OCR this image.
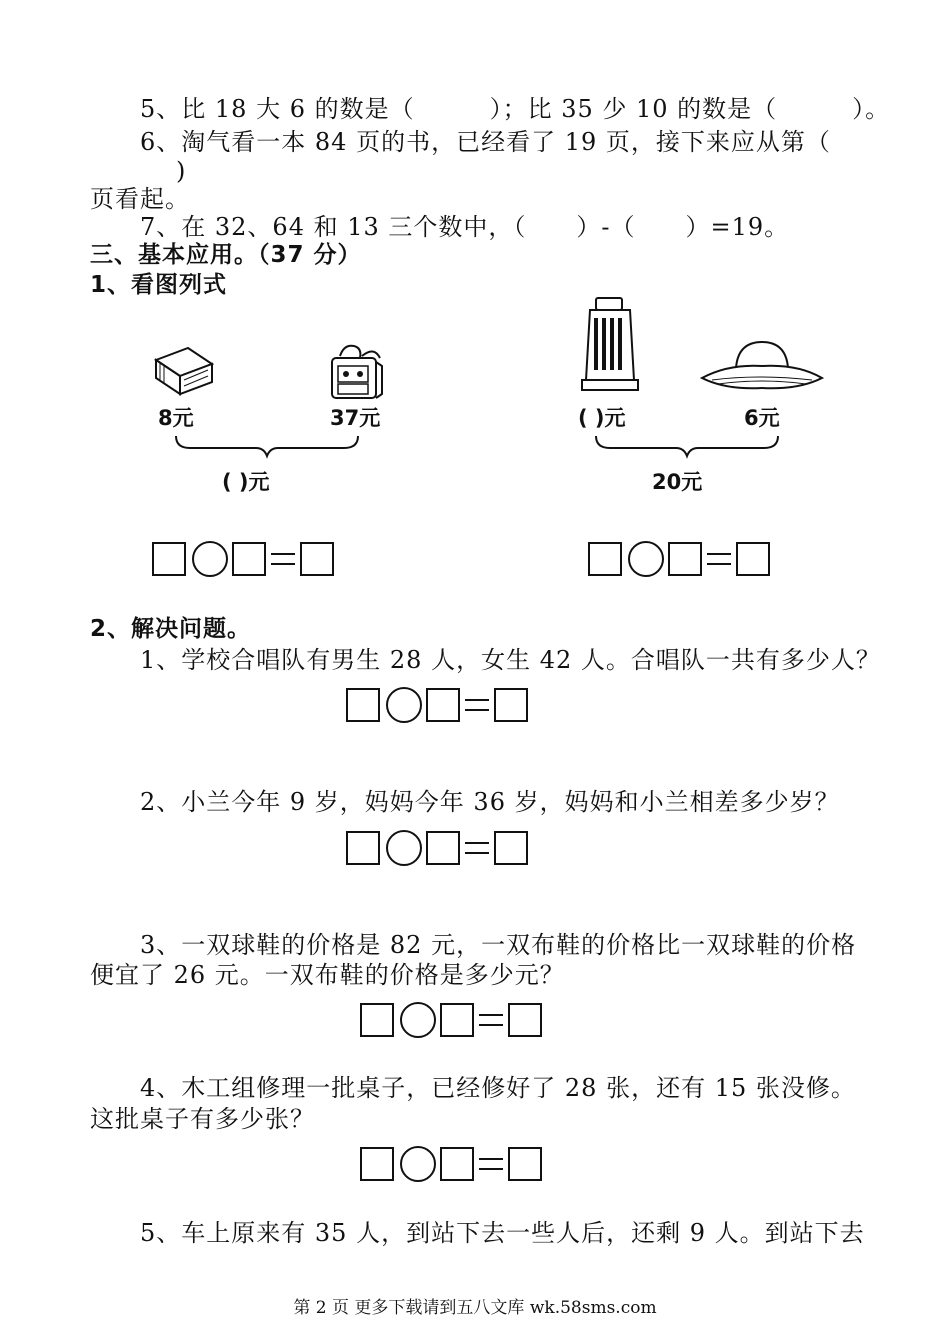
5、比 18 大 6 的数是（　　　）；比 35 少 10 的数是（　　　）。
6、淘气看一本 84 页的书，已经看了 19 页，接下来应从第（
)
页看起。
7、在 32、64 和 13 三个数中，（　　）-（　　）=19。
三、基本应用。（37 分）
1、看图列式
8元	37元
( )元
( )元	6元
20元
2、解决问题。
1、学校合唱队有男生 28 人，女生 42 人。合唱队一共有多少人？
2、小兰今年 9 岁，妈妈今年 36 岁，妈妈和小兰相差多少岁？
3、一双球鞋的价格是 82 元，一双布鞋的价格比一双球鞋的价格
便宜了 26 元。一双布鞋的价格是多少元？
4、木工组修理一批桌子，已经修好了 28 张，还有 15 张没修。
这批桌子有多少张？
5、车上原来有 35 人，到站下去一些人后，还剩 9 人。到站下去
第 2 页 更多下载请到五八文库 wk.58sms.com
